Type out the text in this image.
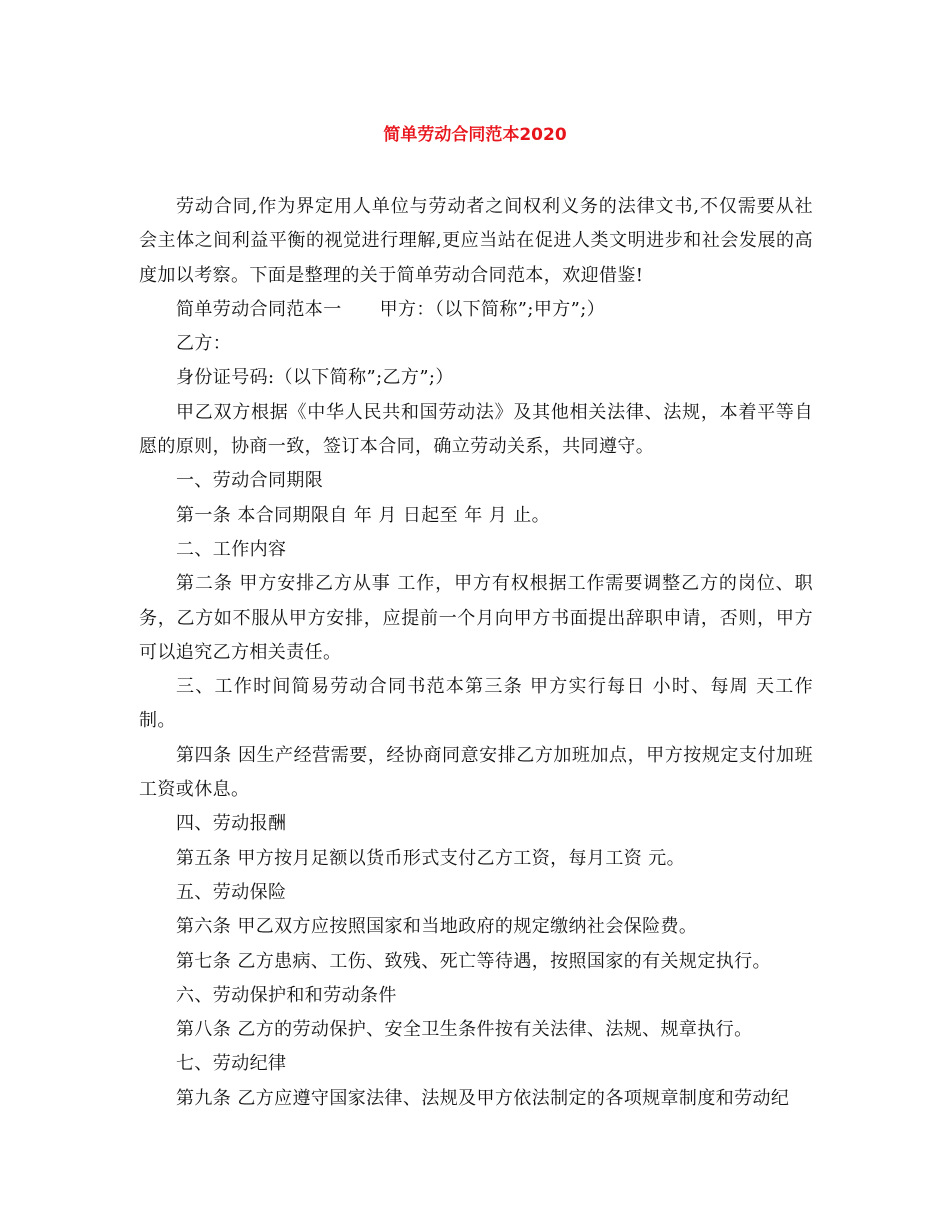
简单劳动合同范本2020

劳动合同,作为界定用人单位与劳动者之间权利义务的法律文书,不仅需要从社会主体之间利益平衡的视觉进行理解,更应当站在促进人类文明进步和社会发展的高度加以考察。下面是整理的关于简单劳动合同范本，欢迎借鉴!

简单劳动合同范本一 甲方：（以下简称”;甲方”;）

乙方：

身份证号码:（以下简称”;乙方”;）

甲乙双方根据《中华人民共和国劳动法》及其他相关法律、法规，本着平等自愿的原则，协商一致，签订本合同，确立劳动关系，共同遵守。

一、劳动合同期限

第一条 本合同期限自 年 月 日起至 年 月 止。

二、工作内容

第二条 甲方安排乙方从事 工作，甲方有权根据工作需要调整乙方的岗位、职务，乙方如不服从甲方安排，应提前一个月向甲方书面提出辞职申请，否则，甲方可以追究乙方相关责任。

三、工作时间简易劳动合同书范本第三条 甲方实行每日 小时、每周 天工作制。

第四条 因生产经营需要，经协商同意安排乙方加班加点，甲方按规定支付加班工资或休息。

四、劳动报酬

第五条 甲方按月足额以货币形式支付乙方工资，每月工资 元。

五、劳动保险

第六条 甲乙双方应按照国家和当地政府的规定缴纳社会保险费。

第七条 乙方患病、工伤、致残、死亡等待遇，按照国家的有关规定执行。

六、劳动保护和和劳动条件

第八条 乙方的劳动保护、安全卫生条件按有关法律、法规、规章执行。

七、劳动纪律

第九条 乙方应遵守国家法律、法规及甲方依法制定的各项规章制度和劳动纪
